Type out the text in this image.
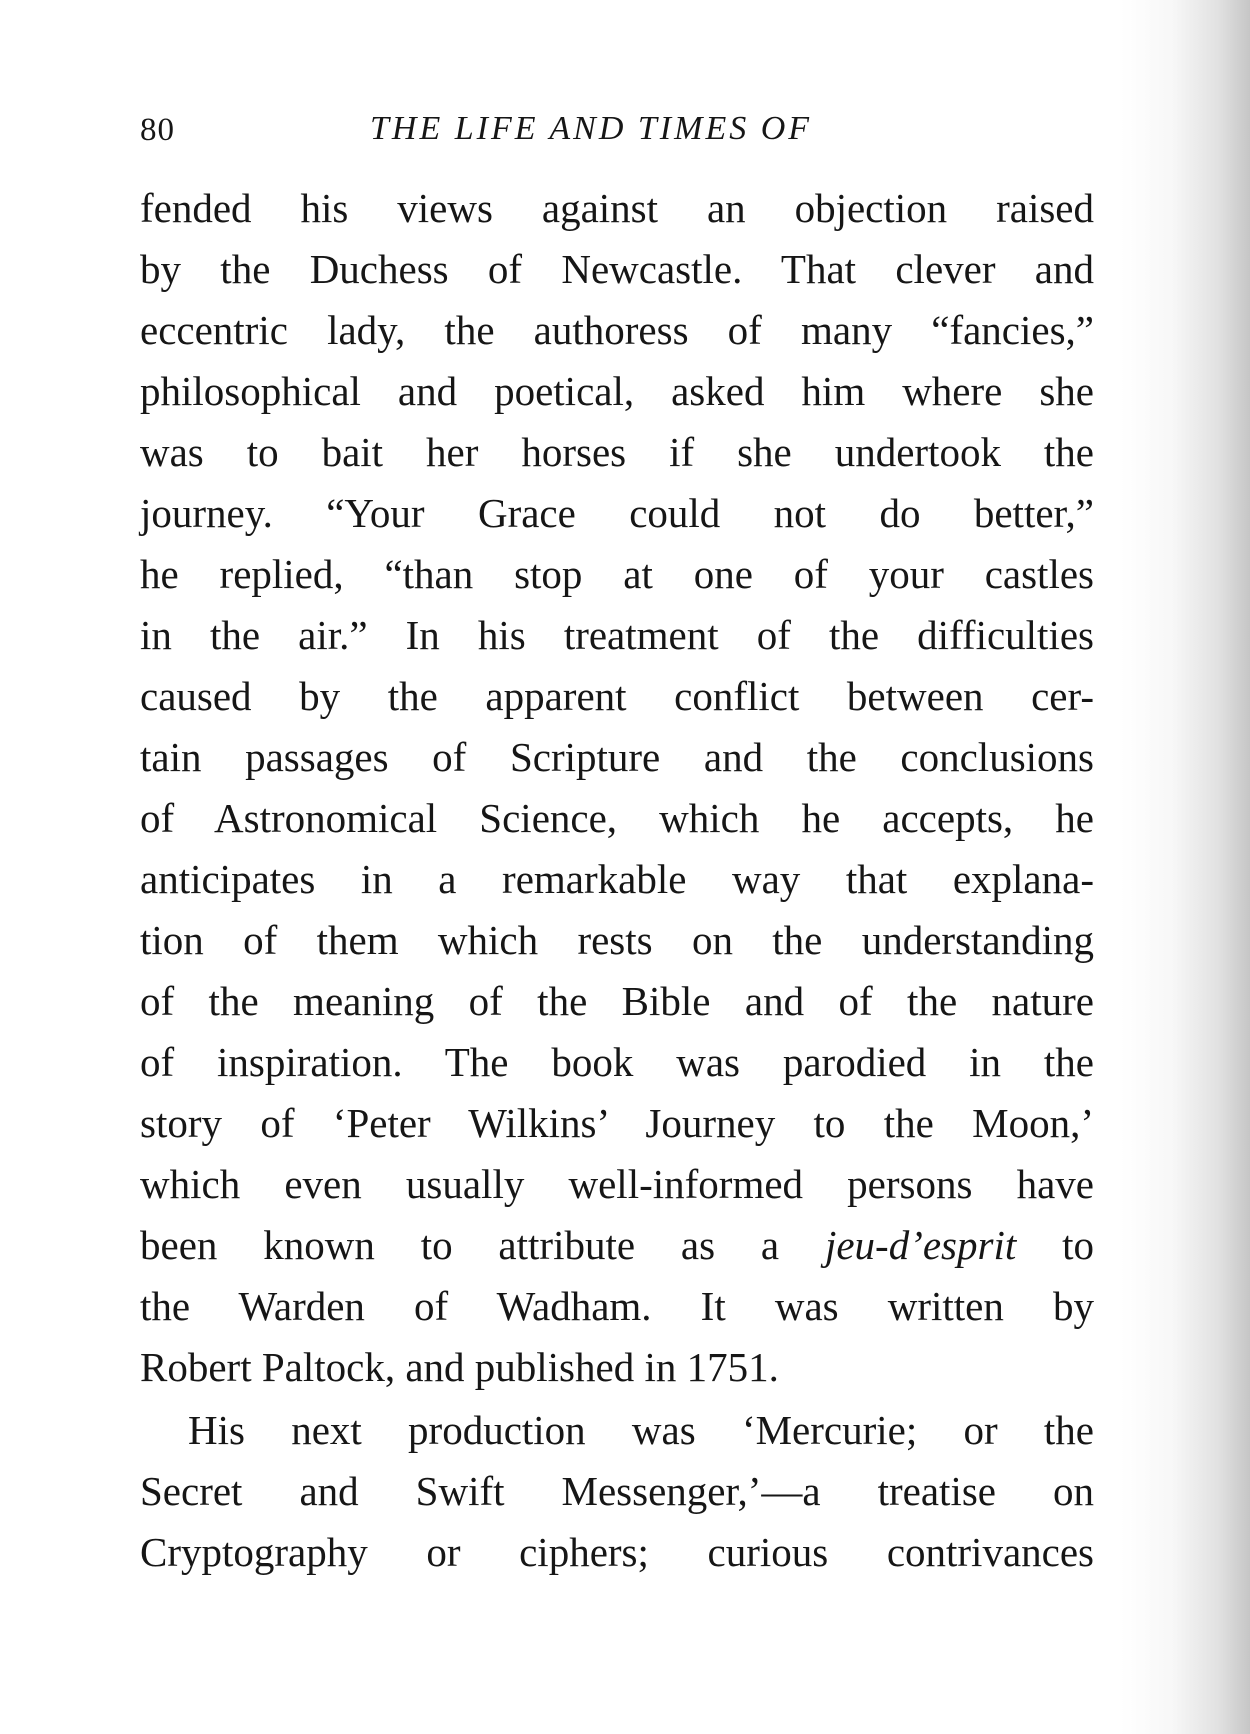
80	THE LIFE AND TIMES OF
fended his views against an objection raised
by the Duchess of Newcastle. That clever and
eccentric lady, the authoress of many “fancies,”
philosophical and poetical, asked him where she
was to bait her horses if she undertook the
journey. “Your Grace could not do better,”
he replied, “than stop at one of your castles
in the air.” In his treatment of the difficulties
caused by the apparent conflict between cer-
tain passages of Scripture and the conclusions
of Astronomical Science, which he accepts, he
anticipates in a remarkable way that explana-
tion of them which rests on the understanding
of the meaning of the Bible and of the nature
of inspiration. The book was parodied in the
story of ‘Peter Wilkins’ Journey to the Moon,’
which even usually well-informed persons have
been known to attribute as a jeu-d’esprit to
the Warden of Wadham. It was written by
Robert Paltock, and published in 1751.
His next production was ‘Mercurie; or the
Secret and Swift Messenger,’—a treatise on
Cryptography or ciphers; curious contrivances
